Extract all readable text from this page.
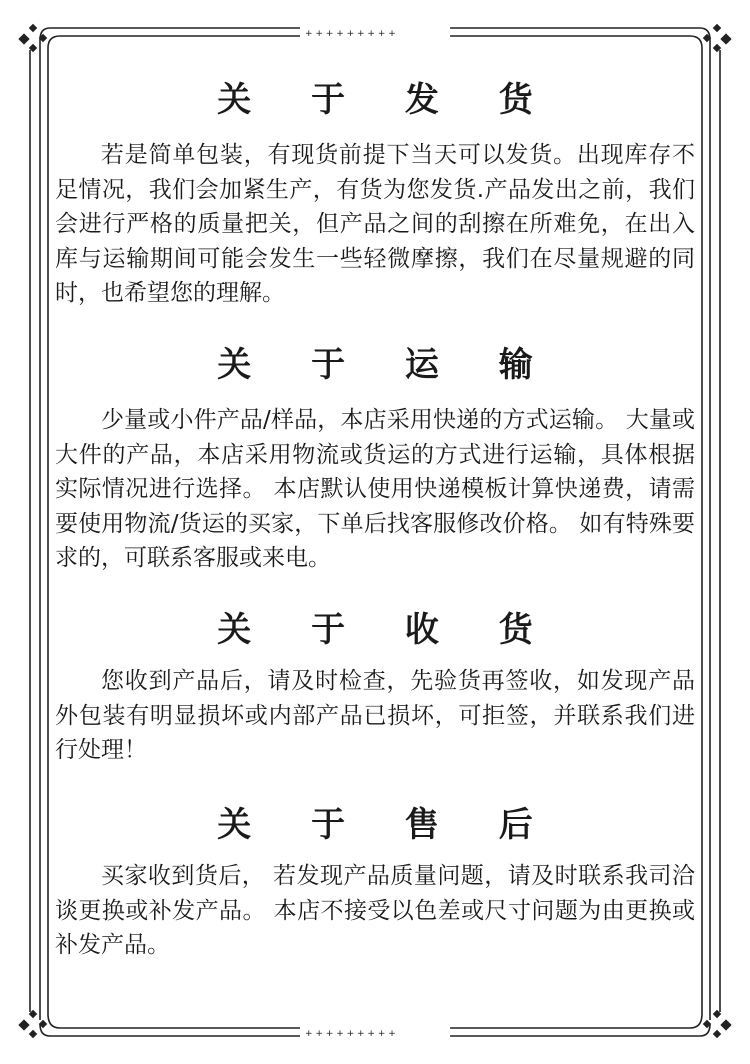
+ + + + + + + + +
+ + + + + + + + +
关 于 发 货

若是简单包装，有现货前提下当天可以发货。出现库存不足情况，我们会加紧生产，有货为您发货.产品发出之前，我们会进行严格的质量把关，但产品之间的刮擦在所难免，在出入库与运输期间可能会发生一些轻微摩擦，我们在尽量规避的同时，也希望您的理解。

关 于 运 输

少量或小件产品/样品，本店采用快递的方式运输。 大量或大件的产品，本店采用物流或货运的方式进行运输，具体根据实际情况进行选择。 本店默认使用快递模板计算快递费，请需要使用物流/货运的买家，下单后找客服修改价格。 如有特殊要求的，可联系客服或来电。

关 于 收 货

您收到产品后，请及时检查，先验货再签收，如发现产品外包装有明显损坏或内部产品已损坏，可拒签，并联系我们进行处理！

关 于 售 后

买家收到货后， 若发现产品质量问题，请及时联系我司洽谈更换或补发产品。 本店不接受以色差或尺寸问题为由更换或补发产品。
